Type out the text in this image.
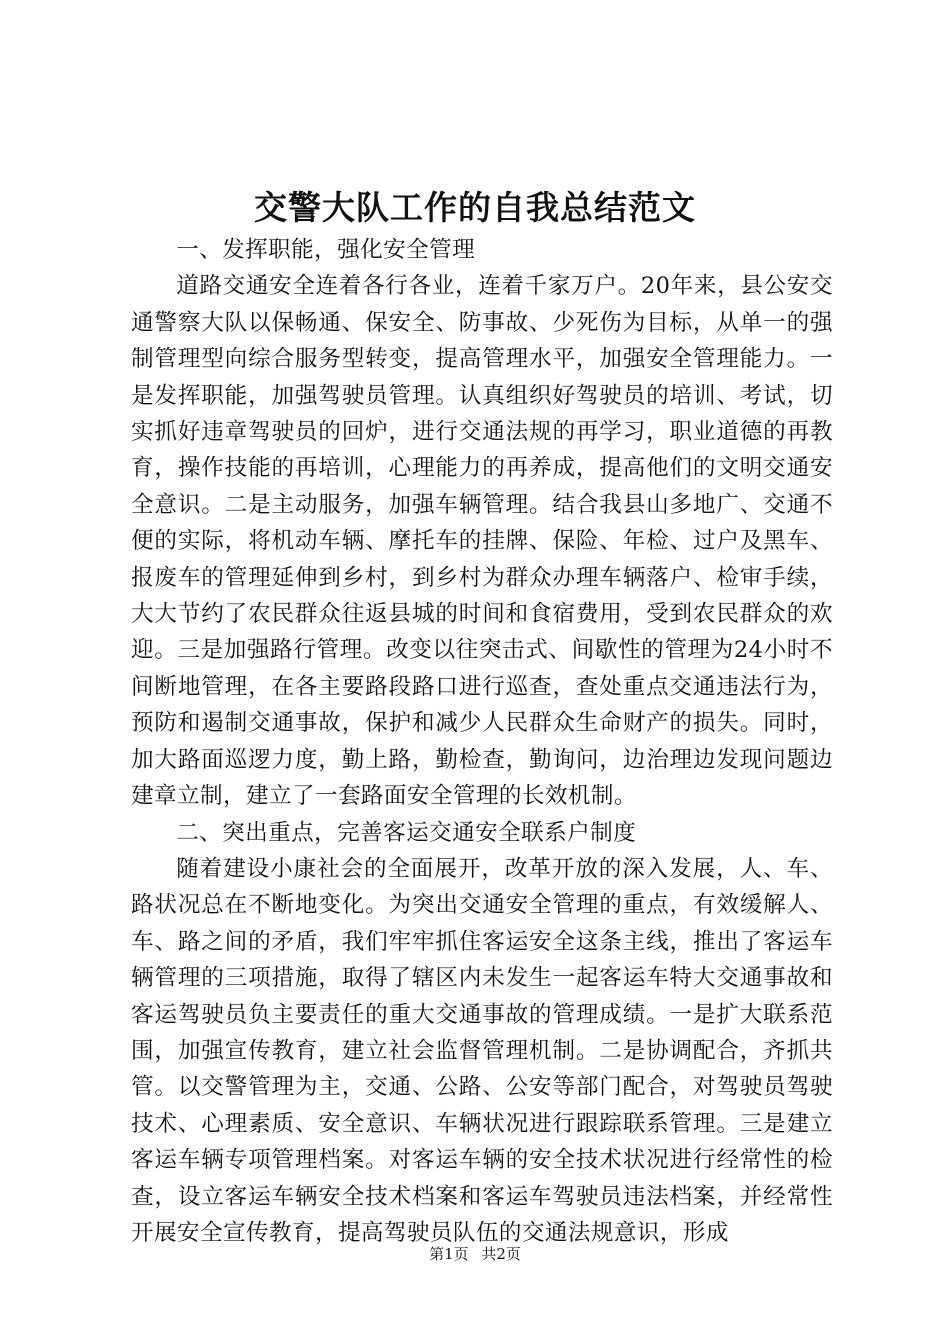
交警大队工作的自我总结范文

一、发挥职能，强化安全管理

道路交通安全连着各行各业，连着千家万户。20年来，县公安交通警察大队以保畅通、保安全、防事故、少死伤为目标，从单一的强制管理型向综合服务型转变，提高管理水平，加强安全管理能力。一是发挥职能，加强驾驶员管理。认真组织好驾驶员的培训、考试，切实抓好违章驾驶员的回炉，进行交通法规的再学习，职业道德的再教育，操作技能的再培训，心理能力的再养成，提高他们的文明交通安全意识。二是主动服务，加强车辆管理。结合我县山多地广、交通不便的实际，将机动车辆、摩托车的挂牌、保险、年检、过户及黑车、报废车的管理延伸到乡村，到乡村为群众办理车辆落户、检审手续，大大节约了农民群众往返县城的时间和食宿费用，受到农民群众的欢迎。三是加强路行管理。改变以往突击式、间歇性的管理为24小时不间断地管理，在各主要路段路口进行巡查，查处重点交通违法行为，预防和遏制交通事故，保护和减少人民群众生命财产的损失。同时，加大路面巡逻力度，勤上路，勤检查，勤询问，边治理边发现问题边建章立制，建立了一套路面安全管理的长效机制。

二、突出重点，完善客运交通安全联系户制度

随着建设小康社会的全面展开，改革开放的深入发展，人、车、路状况总在不断地变化。为突出交通安全管理的重点，有效缓解人、车、路之间的矛盾，我们牢牢抓住客运安全这条主线，推出了客运车辆管理的三项措施，取得了辖区内未发生一起客运车特大交通事故和客运驾驶员负主要责任的重大交通事故的管理成绩。一是扩大联系范围，加强宣传教育，建立社会监督管理机制。二是协调配合，齐抓共管。以交警管理为主，交通、公路、公安等部门配合，对驾驶员驾驶技术、心理素质、安全意识、车辆状况进行跟踪联系管理。三是建立客运车辆专项管理档案。对客运车辆的安全技术状况进行经常性的检查，设立客运车辆安全技术档案和客运车驾驶员违法档案，并经常性开展安全宣传教育，提高驾驶员队伍的交通法规意识，形成

第1页 共2页
